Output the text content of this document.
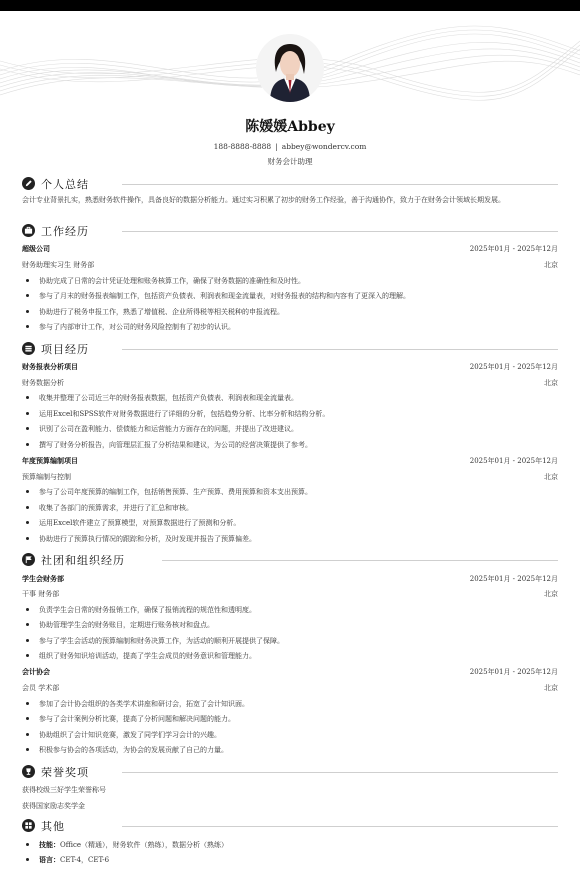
陈媛媛Abbey
188-8888-8888 | abbey@wondercv.com
财务会计助理
个人总结
会计专业背景扎实，熟悉财务软件操作，具备良好的数据分析能力。通过实习积累了初步的财务工作经验，善于沟通协作，致力于在财务会计领域长期发展。
工作经历
超级公司	2025年01月 - 2025年12月
财务助理实习生 财务部	北京
协助完成了日常的会计凭证处理和账务核算工作，确保了财务数据的准确性和及时性。
参与了月末的财务报表编制工作，包括资产负债表、利润表和现金流量表，对财务报表的结构和内容有了更深入的理解。
协助进行了税务申报工作，熟悉了增值税、企业所得税等相关税种的申报流程。
参与了内部审计工作，对公司的财务风险控制有了初步的认识。
项目经历
财务报表分析项目	2025年01月 - 2025年12月
财务数据分析	北京
收集并整理了公司近三年的财务报表数据，包括资产负债表、利润表和现金流量表。
运用Excel和SPSS软件对财务数据进行了详细的分析，包括趋势分析、比率分析和结构分析。
识别了公司在盈利能力、偿债能力和运营能力方面存在的问题，并提出了改进建议。
撰写了财务分析报告，向管理层汇报了分析结果和建议，为公司的经营决策提供了参考。
年度预算编制项目	2025年01月 - 2025年12月
预算编制与控制	北京
参与了公司年度预算的编制工作，包括销售预算、生产预算、费用预算和资本支出预算。
收集了各部门的预算需求，并进行了汇总和审核。
运用Excel软件建立了预算模型，对预算数据进行了预测和分析。
协助进行了预算执行情况的跟踪和分析，及时发现并报告了预算偏差。
社团和组织经历
学生会财务部	2025年01月 - 2025年12月
干事 财务部	北京
负责学生会日常的财务报销工作，确保了报销流程的规范性和透明度。
协助管理学生会的财务账目，定期进行账务核对和盘点。
参与了学生会活动的预算编制和财务决算工作，为活动的顺利开展提供了保障。
组织了财务知识培训活动，提高了学生会成员的财务意识和管理能力。
会计协会	2025年01月 - 2025年12月
会员 学术部	北京
参加了会计协会组织的各类学术讲座和研讨会，拓宽了会计知识面。
参与了会计案例分析比赛，提高了分析问题和解决问题的能力。
协助组织了会计知识竞赛，激发了同学们学习会计的兴趣。
积极参与协会的各项活动，为协会的发展贡献了自己的力量。
荣誉奖项
获得校级三好学生荣誉称号
获得国家励志奖学金
其他
技能：Office（精通），财务软件（熟练），数据分析（熟练）
语言：CET-4，CET-6
